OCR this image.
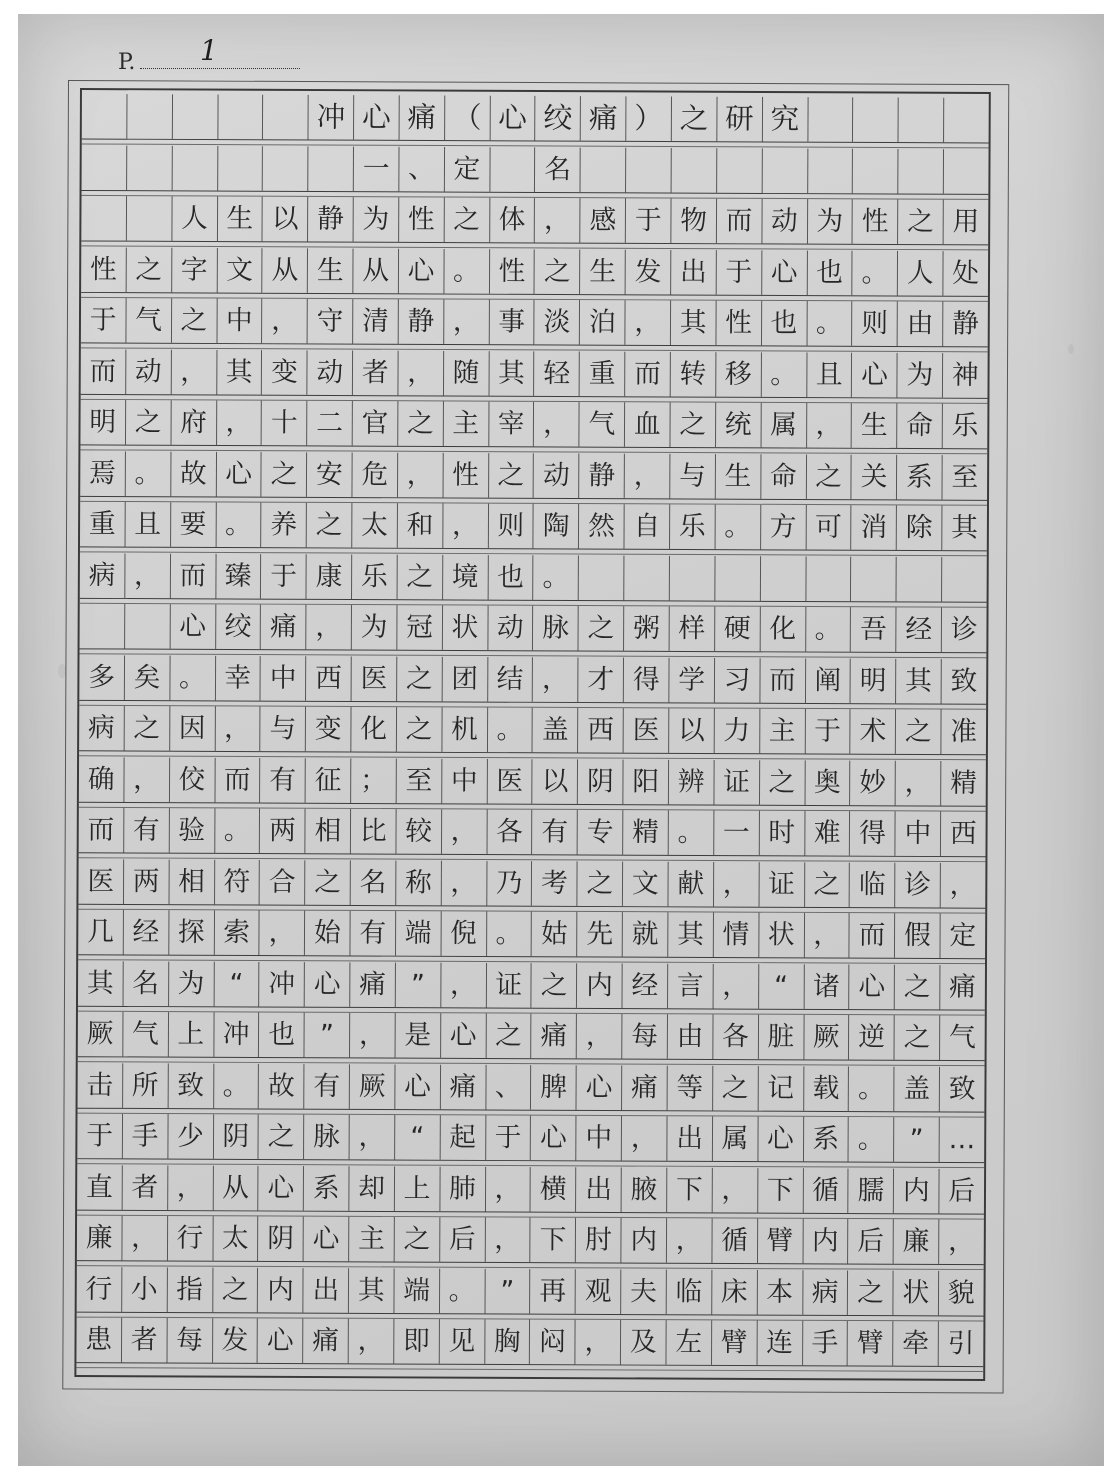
P. 1
冲 心 痛 （ 心 绞 痛 ） 之 研 究
一 、 定	名
人 生 以 静 为 性 之 体 ， 感 于 物 而 动 为 性 之 用
性 之 字 文 从 生 从 心 。 性 之 生 发 出 于 心 也 。 人 处
于 气 之 中 ， 守 清 静 ， 事 淡 泊 ， 其 性 也 。 则 由 静
而 动 ， 其 变 动 者 ， 随 其 轻 重 而 转 移 。 且 心 为 神
明 之 府 ， 十 二 官 之 主 宰 ， 气 血 之 统 属 ， 生 命 乐
焉 。 故 心 之 安 危 ， 性 之 动 静 ， 与 生 命 之 关 系 至
重 且 要 。 养 之 太 和 ， 则 陶 然 自 乐 。 方 可 消 除 其
病 ， 而 臻 于 康 乐 之 境 也 。
心 绞 痛 ， 为 冠 状 动 脉 之 粥 样 硬 化 。 吾 经 诊
多 矣 。 幸 中 西 医 之 团 结 ， 才 得 学 习 而 阐 明 其 致
病 之 因 ， 与 变 化 之 机 。 盖 西 医 以 力 主 于 术 之 准
确 ， 佼 而 有 征 ； 至 中 医 以 阴 阳 辨 证 之 奥 妙 ， 精
而 有 验 。 两 相 比 较 ， 各 有 专 精 。 一 时 难 得 中 西
医 两 相 符 合 之 名 称 ， 乃 考 之 文 献 ， 证 之 临 诊 ，
几 经 探 索 ， 始 有 端 倪 。 姑 先 就 其 情 状 ， 而 假 定
其 名 为 “ 冲 心 痛 ” ， 证 之 内 经 言 ， “ 诸 心 之 痛
厥 气 上 冲 也 ” ， 是 心 之 痛 ， 每 由 各 脏 厥 逆 之 气
击 所 致 。 故 有 厥 心 痛 、 脾 心 痛 等 之 记 载 。 盖 致
于 手 少 阴 之 脉 ， “ 起 于 心 中 ， 出 属 心 系 。 ” …
直 者 ， 从 心 系 却 上 肺 ， 横 出 腋 下 ， 下 循 臑 内 后
廉 ， 行 太 阴 心 主 之 后 ， 下 肘 内 ， 循 臂 内 后 廉 ，
行 小 指 之 内 出 其 端 。 ” 再 观 夫 临 床 本 病 之 状 貌
患 者 每 发 心 痛 ， 即 见 胸 闷 ， 及 左 臂 连 手 臂 牵 引
